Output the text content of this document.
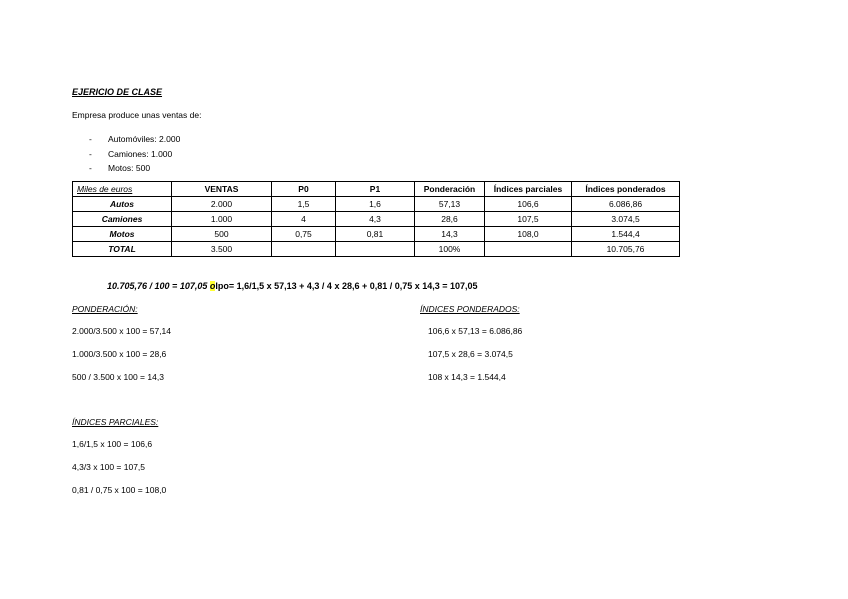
EJERICIO DE CLASE
Empresa produce unas ventas de:
- Automóviles: 2.000
- Camiones: 1.000
- Motos: 500
Miles de euros	VENTAS	P0	P1	Ponderación	Índices parciales	Índices ponderados
Autos	2.000	1,5	1,6	57,13	106,6	6.086,86
Camiones	1.000	4	4,3	28,6	107,5	3.074,5
Motos	500	0,75	0,81	14,3	108,0	1.544,4
TOTAL	3.500			100%		10.705,76
10.705,76 / 100 = 107,05 oIpo= 1,6/1,5 x 57,13 + 4,3 / 4 x 28,6 + 0,81 / 0,75 x 14,3 = 107,05
PONDERACIÓN:
2.000/3.500 x 100 = 57,14
1.000/3.500 x 100 = 28,6
500 / 3.500 x 100 = 14,3
ÍNDICES PONDERADOS:
106,6 x 57,13 = 6.086,86
107,5 x 28,6 = 3.074,5
108 x 14,3 = 1.544,4
ÍNDICES PARCIALES:
1,6/1,5 x 100 = 106,6
4,3/3 x 100 = 107,5
0,81 / 0,75 x 100 = 108,0
